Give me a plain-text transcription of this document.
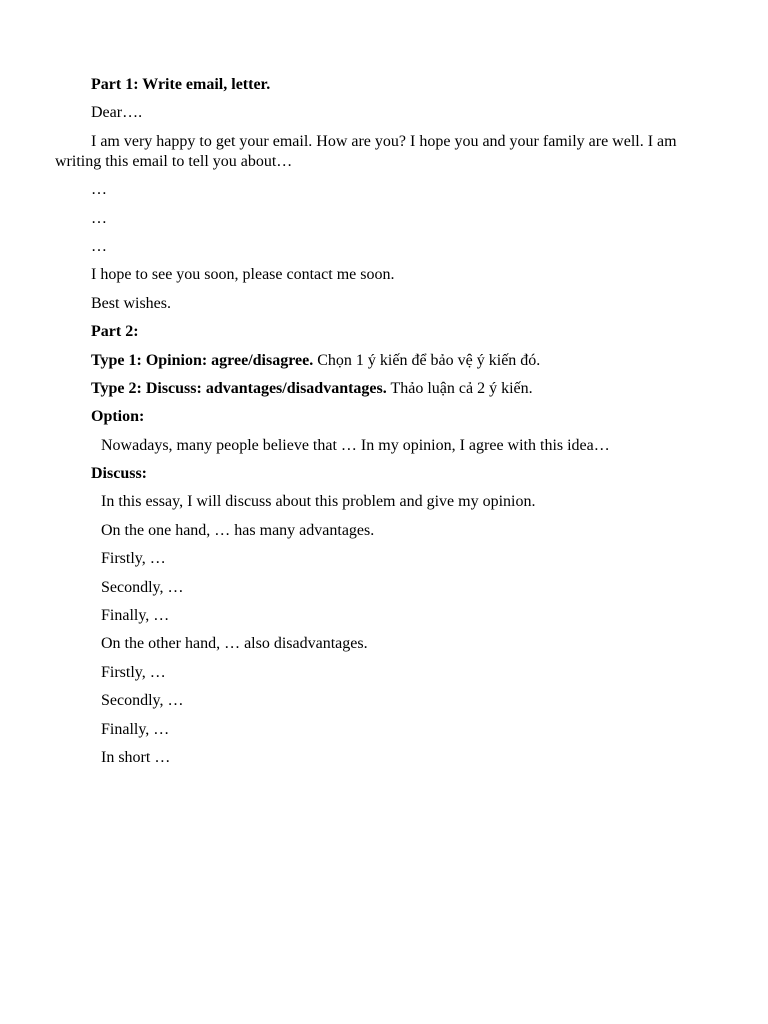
Part 1: Write email, letter.

Dear….

I am very happy to get your email. How are you? I hope you and your family are well. I am writing this email to tell you about…

…

…

…

I hope to see you soon, please contact me soon.

Best wishes.

Part 2:

Type 1: Opinion: agree/disagree. Chọn 1 ý kiến để bảo vệ ý kiến đó.

Type 2: Discuss: advantages/disadvantages. Thảo luận cả 2 ý kiến.

Option:

Nowadays, many people believe that … In my opinion, I agree with this idea…

Discuss:

In this essay, I will discuss about this problem and give my opinion.

On the one hand, … has many advantages.

Firstly, …

Secondly, …

Finally, …

On the other hand, … also disadvantages.

Firstly, …

Secondly, …

Finally, …

In short …
